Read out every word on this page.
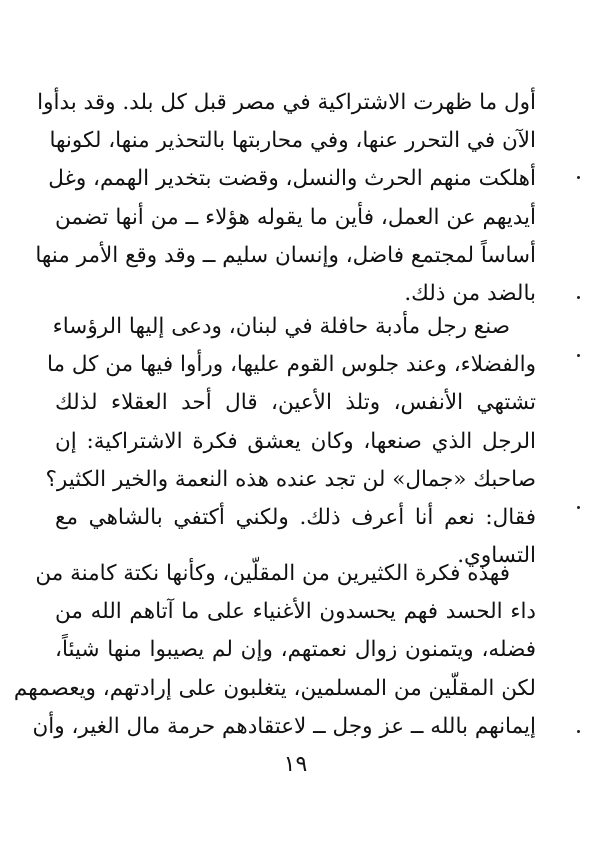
أول ما ظهرت الاشتراكية في مصر قبل كل بلد. وقد بدأوا
الآن في التحرر عنها، وفي محاربتها بالتحذير منها، لكونها
أهلكت منهم الحرث والنسل، وقضت بتخدير الهمم، وغل
أيديهم عن العمل، فأين ما يقوله هؤلاء ــ من أنها تضمن
أساساً لمجتمع فاضل، وإنسان سليم ــ وقد وقع الأمر منها
بالضد من ذلك.
صنع رجل مأدبة حافلة في لبنان، ودعى إليها الرؤساء
والفضلاء، وعند جلوس القوم عليها، ورأوا فيها من كل ما
تشتهي الأنفس، وتلذ الأعين، قال أحد العقلاء لذلك
الرجل الذي صنعها، وكان يعشق فكرة الاشتراكية: إن
صاحبك «جمال» لن تجد عنده هذه النعمة والخير الكثير؟
فقال: نعم أنا أعرف ذلك. ولكني أكتفي بالشاهي مع
التساوي.
فهذه فكرة الكثيرين من المقلّين، وكأنها نكتة كامنة من
داء الحسد فهم يحسدون الأغنياء على ما آتاهم الله من
فضله، ويتمنون زوال نعمتهم، وإن لم يصيبوا منها شيئاً،
لكن المقلّين من المسلمين، يتغلبون على إرادتهم، ويعصمهم
إيمانهم بالله ــ عز وجل ــ لاعتقادهم حرمة مال الغير، وأن
١٩
